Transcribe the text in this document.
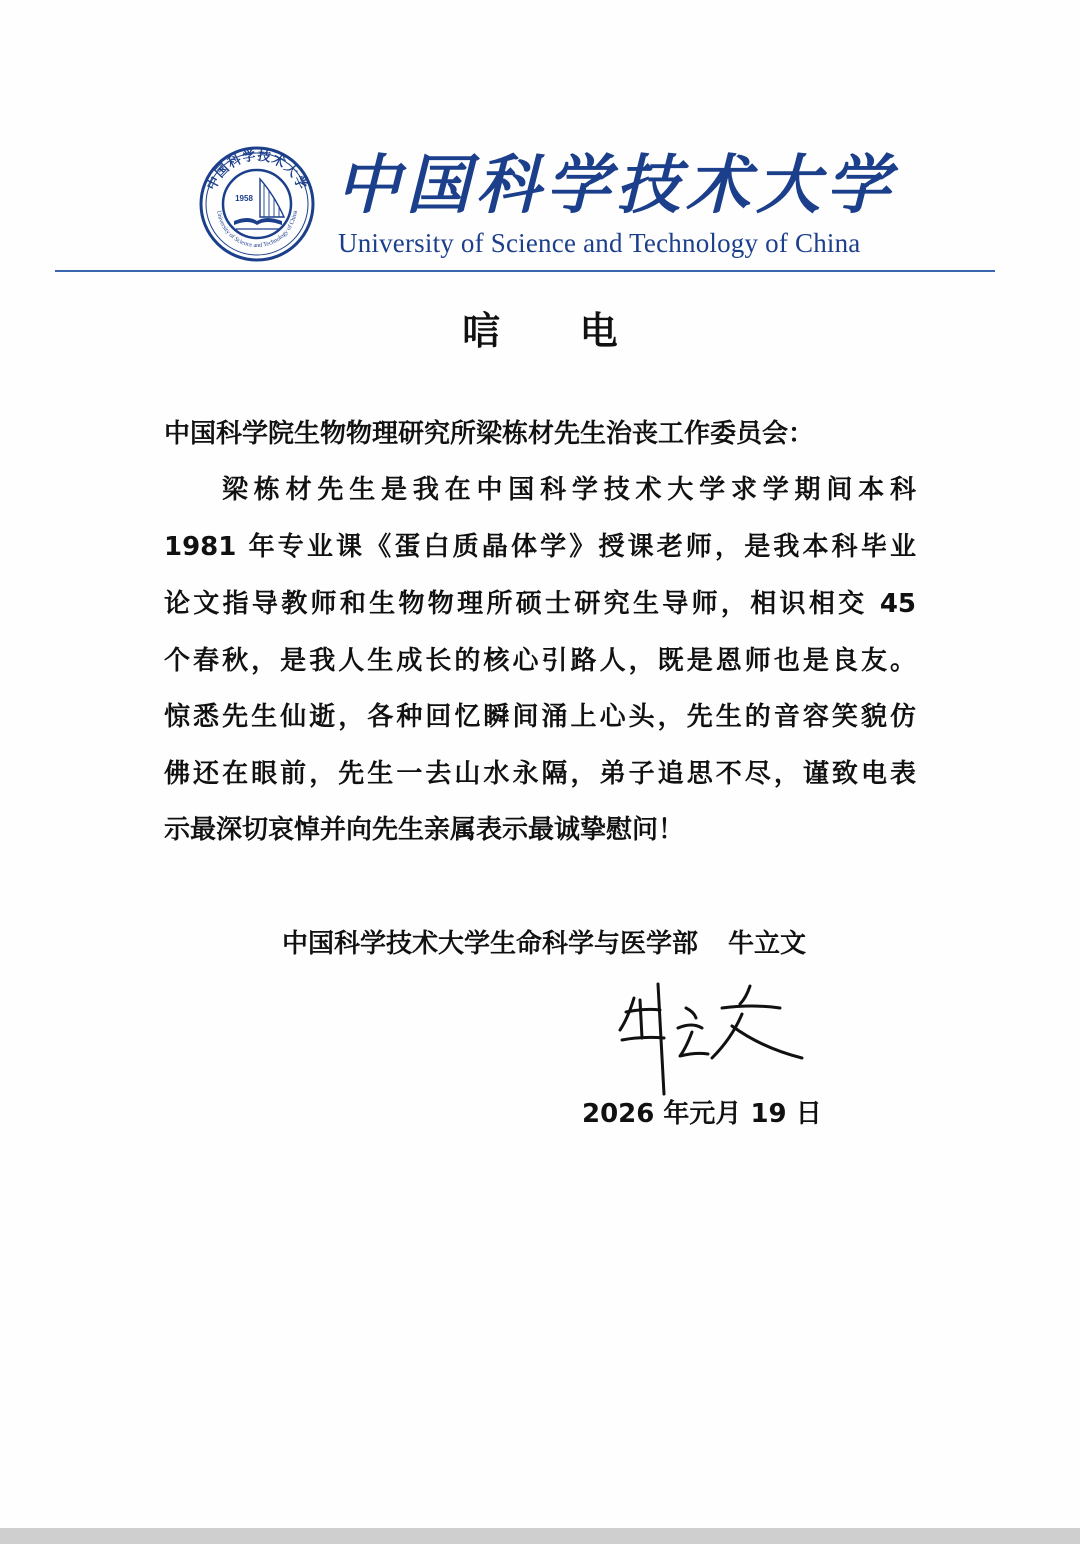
中国科学技术大学
University of Science and Technology of China
1958 中国科学技术大学
University of Science and Technology of China
唁      电
中国科学院生物物理研究所梁栋材先生治丧工作委员会：
梁栋材先生是我在中国科学技术大学求学期间本科
1981 年专业课《蛋白质晶体学》授课老师，是我本科毕业
论文指导教师和生物物理所硕士研究生导师，相识相交 45
个春秋，是我人生成长的核心引路人，既是恩师也是良友。
惊悉先生仙逝，各种回忆瞬间涌上心头，先生的音容笑貌仿
佛还在眼前，先生一去山水永隔，弟子追思不尽，谨致电表
示最深切哀悼并向先生亲属表示最诚挚慰问！
中国科学技术大学生命科学与医学部 牛立文
2026 年元月 19 日
